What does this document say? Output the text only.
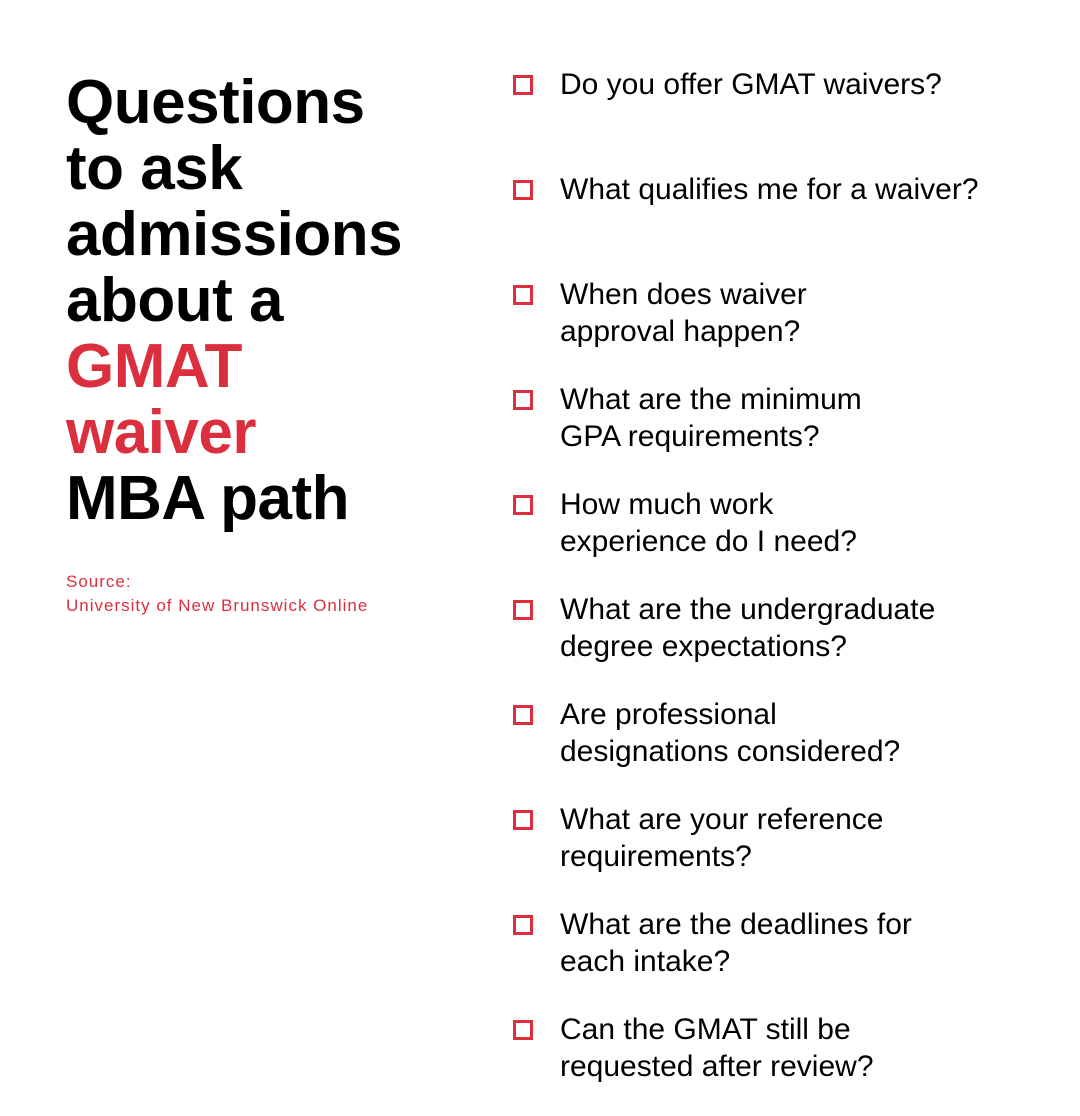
Questions
to ask
admissions
about a
GMAT
waiver
MBA path
Source:
University of New Brunswick Online
Do you offer GMAT waivers?
What qualifies me for a waiver?
When does waiver
approval happen?
What are the minimum
GPA requirements?
How much work
experience do I need?
What are the undergraduate
degree expectations?
Are professional
designations considered?
What are your reference
requirements?
What are the deadlines for
each intake?
Can the GMAT still be
requested after review?
